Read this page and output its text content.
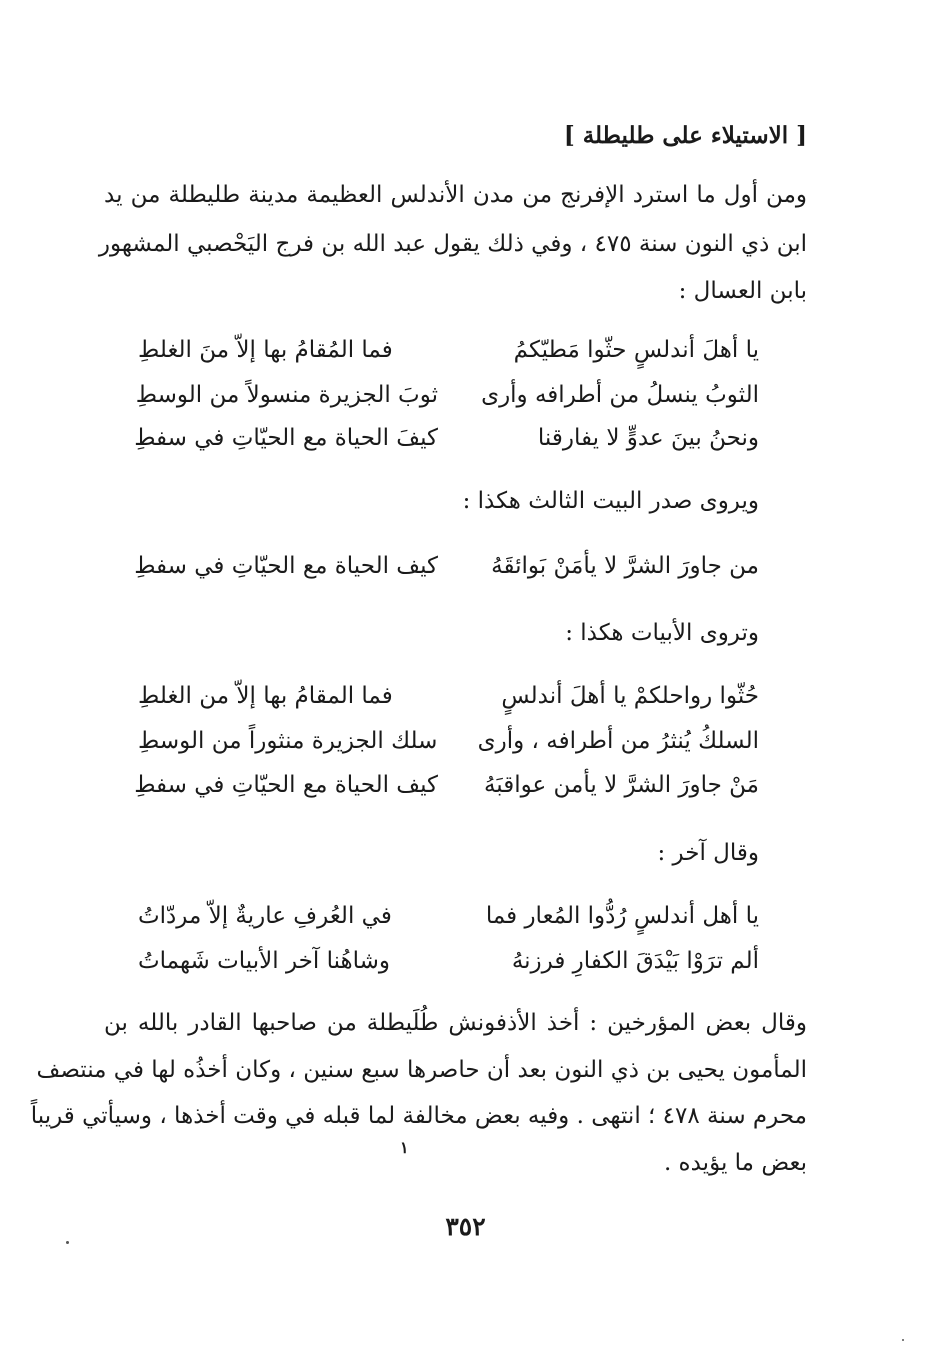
[ الاستيلاء على طليطلة ]
ومن أول ما استرد الإفرنج من مدن الأندلس العظيمة مدينة طليطلة من يد
ابن ذي النون سنة ٤٧٥ ، وفي ذلك يقول عبد الله بن فرج اليَحْصبي المشهور
بابن العسال :
يا أهلَ أندلسٍ حثّوا مَطيّكمُ
فما المُقامُ بها إلاّ منَ الغلطِ
الثوبُ ينسلُ من أطرافه وأرى
ثوبَ الجزيرة منسولاً من الوسطِ
ونحنُ بينَ عدوٍّ لا يفارقنا
كيفَ الحياة مع الحيّاتِ في سفطِ
ويروى صدر البيت الثالث هكذا :
من جاورَ الشرَّ لا يأمَنْ بَوائقَهُ
كيف الحياة مع الحيّاتِ في سفطِ
وتروى الأبيات هكذا :
حُثّوا رواحلكمْ يا أهلَ أندلسٍ
فما المقامُ بها إلاّ من الغلطِ
السلكُ يُنثرُ من أطرافه ، وأرى
سلك الجزيرة منثوراً من الوسطِ
مَنْ جاورَ الشرَّ لا يأمن عواقبَهُ
كيف الحياة مع الحيّاتِ في سفطِ
وقال آخر :
يا أهل أندلسٍ رُدُّوا المُعار فما
في العُرفِ عاريةٌ إلاّ مردّاتُ
ألم ترَوْا بَيْدَقَ الكفارِ فرزنهُ
وشاهُنا آخر الأبيات شَهماتُ
وقال بعض المؤرخين : أخذ الأذفونش طُلَيطلة من صاحبها القادر بالله بن
المأمون يحيى بن ذي النون بعد أن حاصرها سبع سنين ، وكان أخذُه لها في منتصف
محرم سنة ٤٧٨ ؛ انتهى . وفيه بعض مخالفة لما قبله في وقت أخذها ، وسيأتي قريباً
بعض ما يؤيده .
١
٣٥٢
